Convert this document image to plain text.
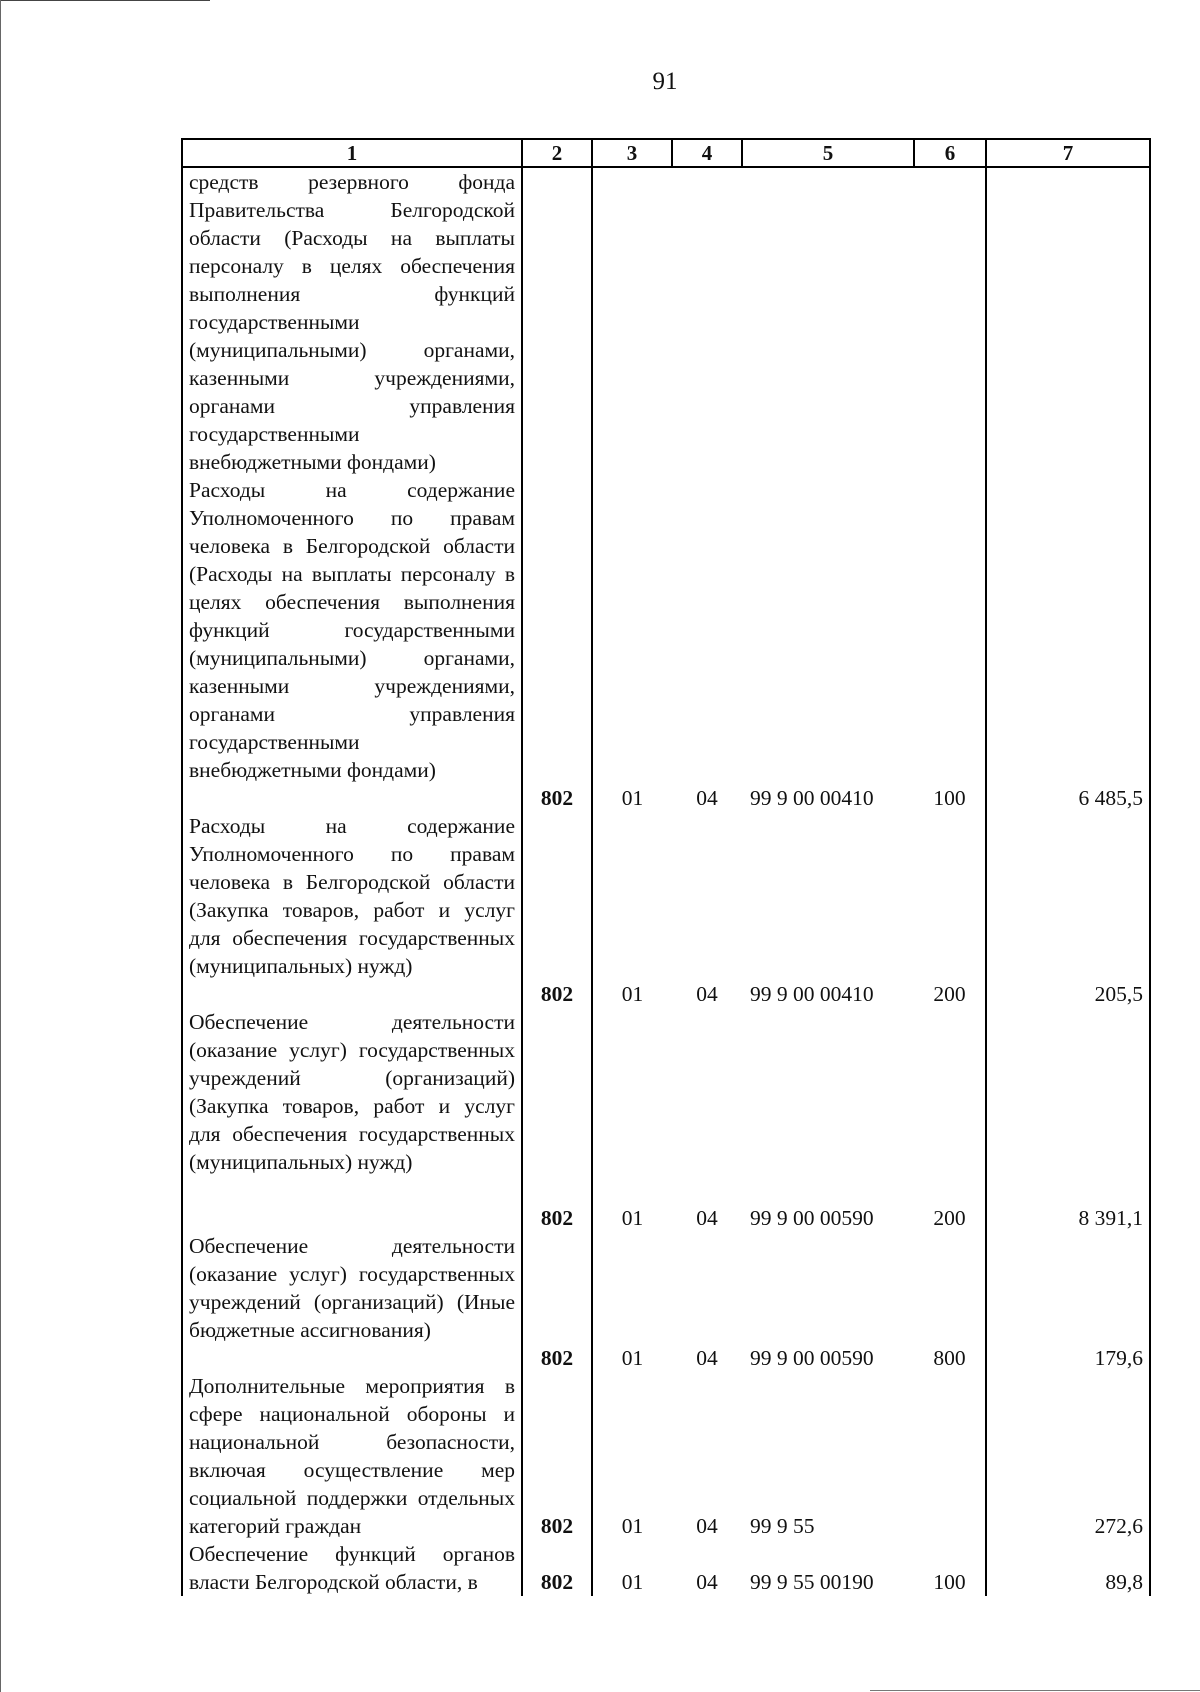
91
1	2	3	4	5	6	7
средств резервного фонда Правительства Белгородской области (Расходы на выплаты персоналу в целях обеспечения выполнения функций государственными (муниципальными) органами, казенными учреждениями, органами управления государственными внебюджетными фондами)						
Расходы на содержание Уполномоченного по правам человека в Белгородской области (Расходы на выплаты персоналу в целях обеспечения выполнения функций государственными (муниципальными) органами, казенными учреждениями, органами управления государственными внебюджетными фондами)	802	01	04	99 9 00 00410	100	6 485,5
Расходы на содержание Уполномоченного по правам человека в Белгородской области (Закупка товаров, работ и услуг для обеспечения государственных (муниципальных) нужд)	802	01	04	99 9 00 00410	200	205,5
Обеспечение деятельности (оказание услуг) государственных учреждений (организаций) (Закупка товаров, работ и услуг для обеспечения государственных (муниципальных) нужд)	802	01	04	99 9 00 00590	200	8 391,1
Обеспечение деятельности (оказание услуг) государственных учреждений (организаций) (Иные бюджетные ассигнования)	802	01	04	99 9 00 00590	800	179,6
Дополнительные мероприятия в сфере национальной обороны и национальной безопасности, включая осуществление мер социальной поддержки отдельных категорий граждан	802	01	04	99 9 55		272,6
Обеспечение функций органов власти Белгородской области, в	802	01	04	99 9 55 00190	100	89,8
